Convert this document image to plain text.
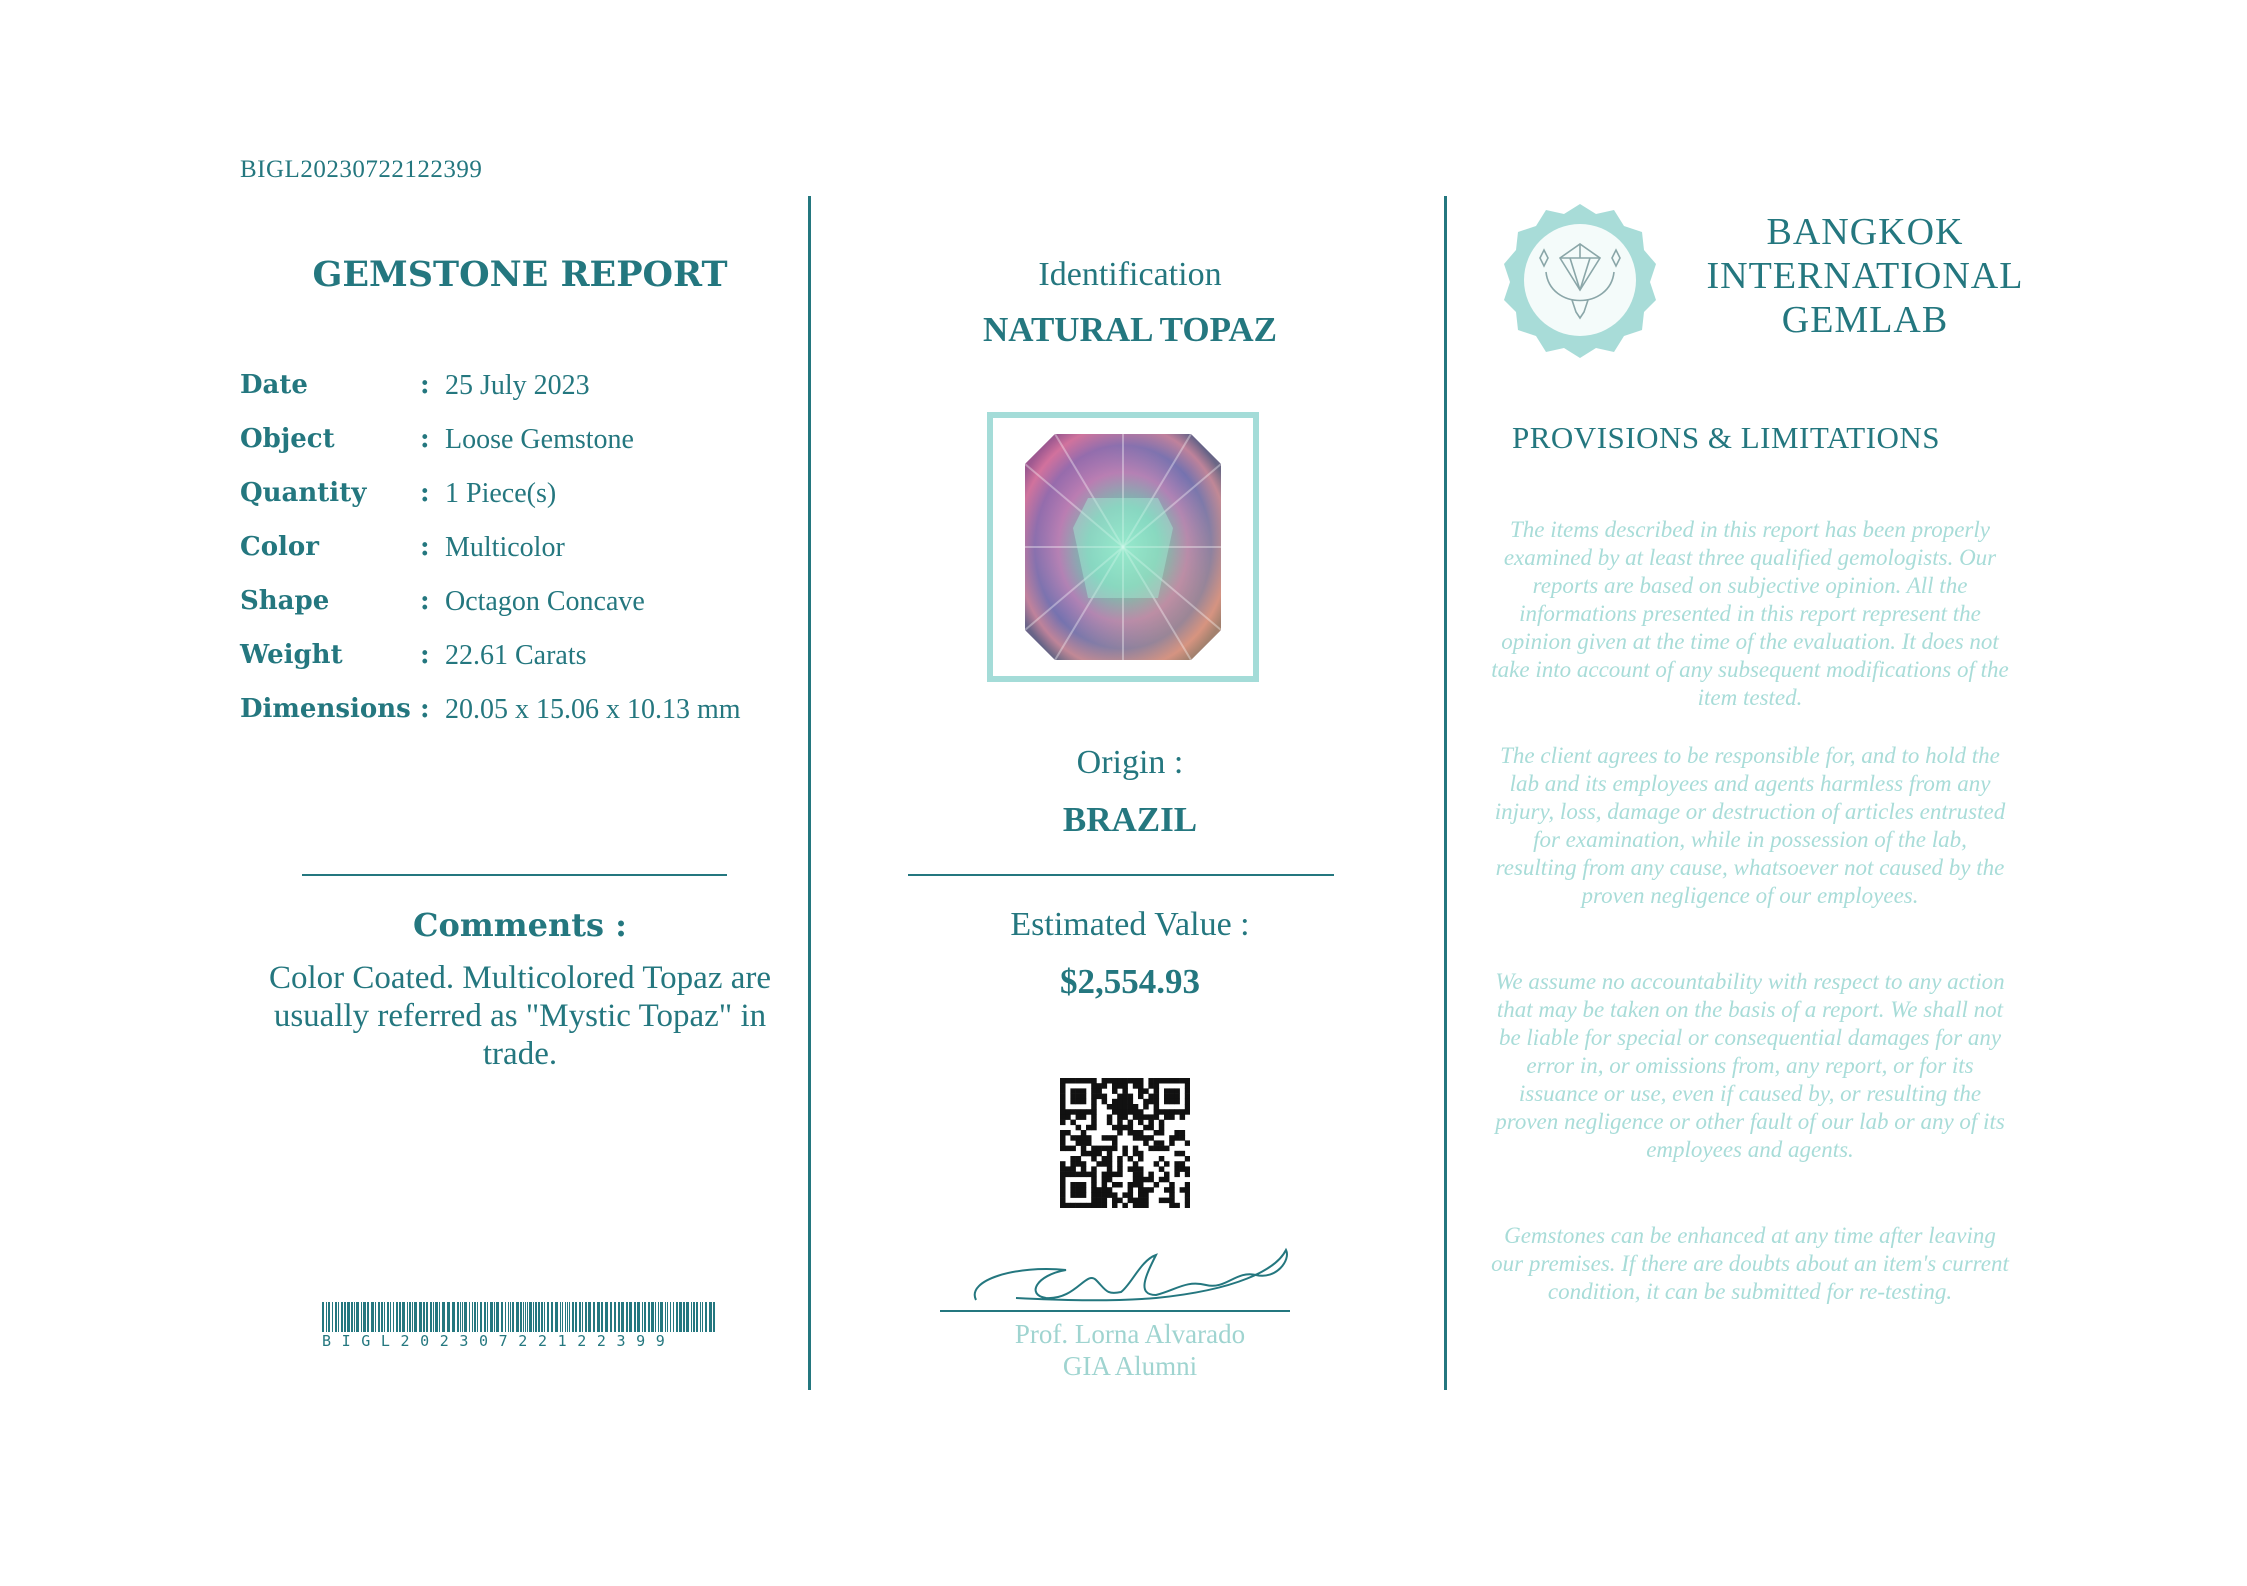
BIGL20230722122399
GEMSTONE REPORT
Date	: 25 July 2023
Object	: Loose Gemstone
Quantity : 1 Piece(s)
Color	: Multicolor
Shape	: Octagon Concave
Weight	: 22.61 Carats
Dimensions : 20.05 x 15.06 x 10.13 mm
Comments :
Color Coated. Multicolored Topaz are usually referred as "Mystic Topaz" in trade.
BIGL20230722122399
Identification
NATURAL TOPAZ
Origin :
BRAZIL
Estimated Value :
$2,554.93
Prof. Lorna Alvarado
GIA Alumni
BANGKOK
INTERNATIONAL
GEMLAB
PROVISIONS & LIMITATIONS
The items described in this report has been properly examined by at least three qualified gemologists. Our reports are based on subjective opinion. All the informations presented in this report represent the opinion given at the time of the evaluation. It does not take into account of any subsequent modifications of the item tested.
The client agrees to be responsible for, and to hold the lab and its employees and agents harmless from any injury, loss, damage or destruction of articles entrusted for examination, while in possession of the lab, resulting from any cause, whatsoever not caused by the proven negligence of our employees.
We assume no accountability with respect to any action that may be taken on the basis of a report. We shall not be liable for special or consequential damages for any error in, or omissions from, any report, or for its issuance or use, even if caused by, or resulting the proven negligence or other fault of our lab or any of its employees and agents.
Gemstones can be enhanced at any time after leaving our premises. If there are doubts about an item's current condition, it can be submitted for re-testing.
